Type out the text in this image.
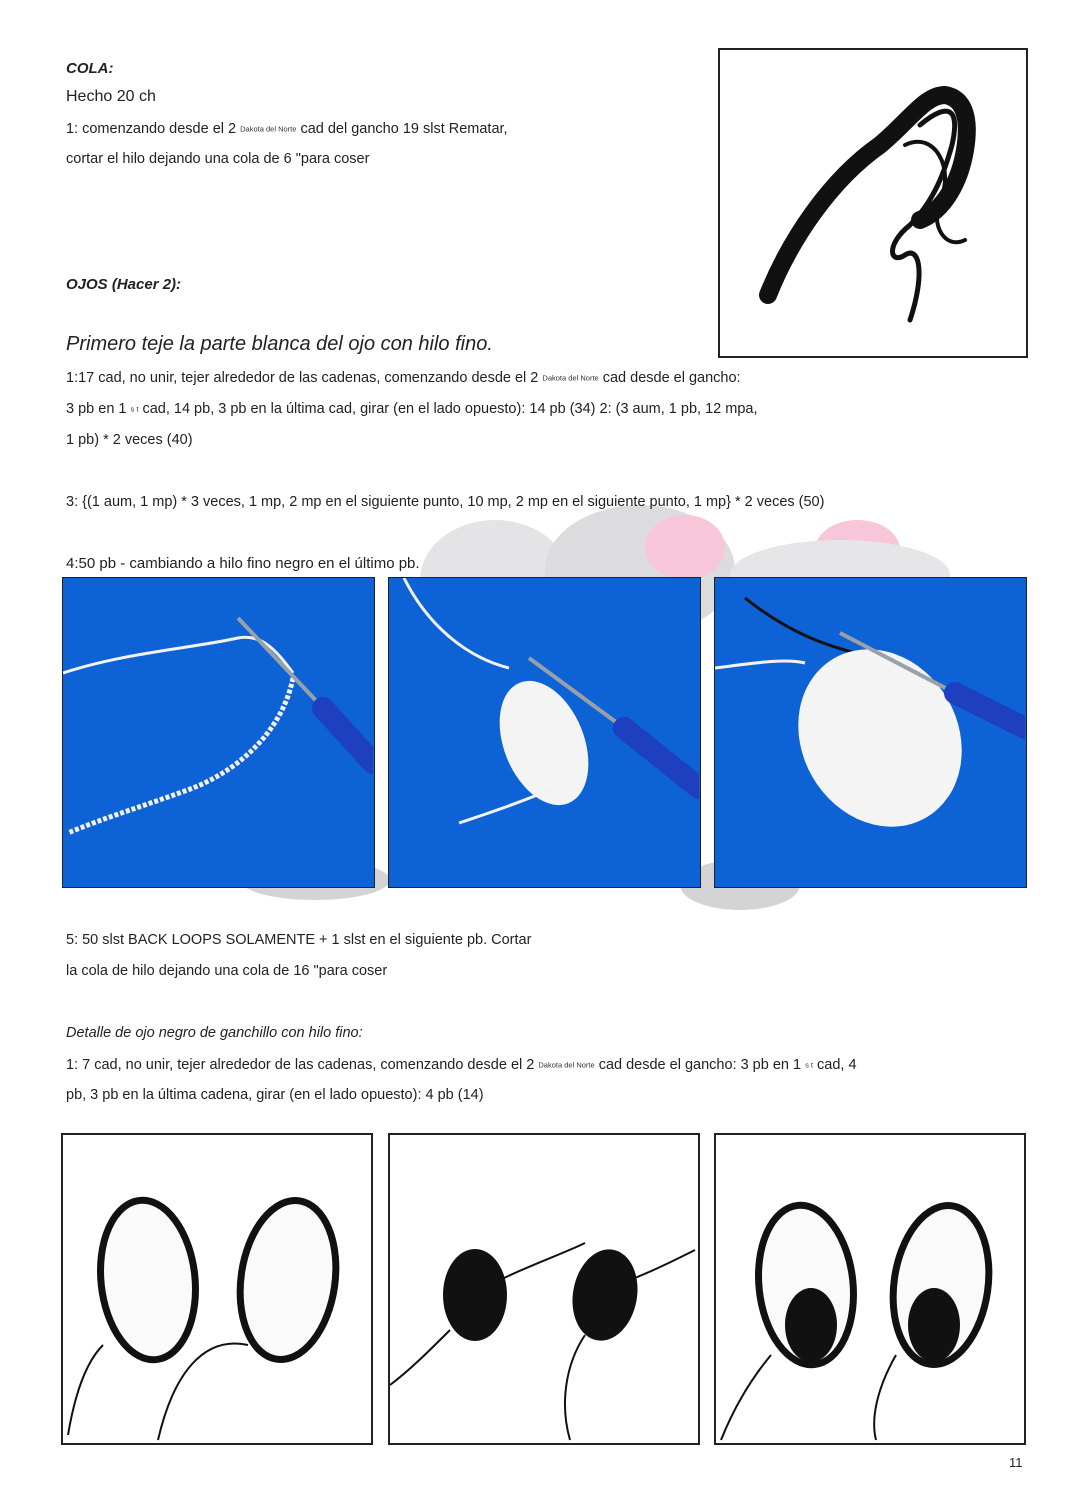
COLA:
Hecho 20 ch
1: comenzando desde el 2 Dakota del Norte cad del gancho 19 slst Rematar,
cortar el hilo dejando una cola de 6 "para coser
OJOS (Hacer 2):
Primero teje la parte blanca del ojo con hilo fino.
1:17 cad, no unir, tejer alrededor de las cadenas, comenzando desde el 2 Dakota del Norte cad desde el gancho:
3 pb en 1 s t cad, 14 pb, 3 pb en la última cad, girar (en el lado opuesto): 14 pb (34) 2: (3 aum, 1 pb, 12 mpa,
1 pb) * 2 veces (40)
3: {(1 aum, 1 mp) * 3 veces, 1 mp, 2 mp en el siguiente punto, 10 mp, 2 mp en el siguiente punto, 1 mp} * 2 veces (50)
4:50 pb - cambiando a hilo fino negro en el último pb.
5: 50 slst BACK LOOPS SOLAMENTE + 1 slst en el siguiente pb. Cortar
la cola de hilo dejando una cola de 16 "para coser
Detalle de ojo negro de ganchillo con hilo fino:
1: 7 cad, no unir, tejer alrededor de las cadenas, comenzando desde el 2 Dakota del Norte cad desde el gancho: 3 pb en 1 s t cad, 4
pb, 3 pb en la última cadena, girar (en el lado opuesto): 4 pb (14)
11
